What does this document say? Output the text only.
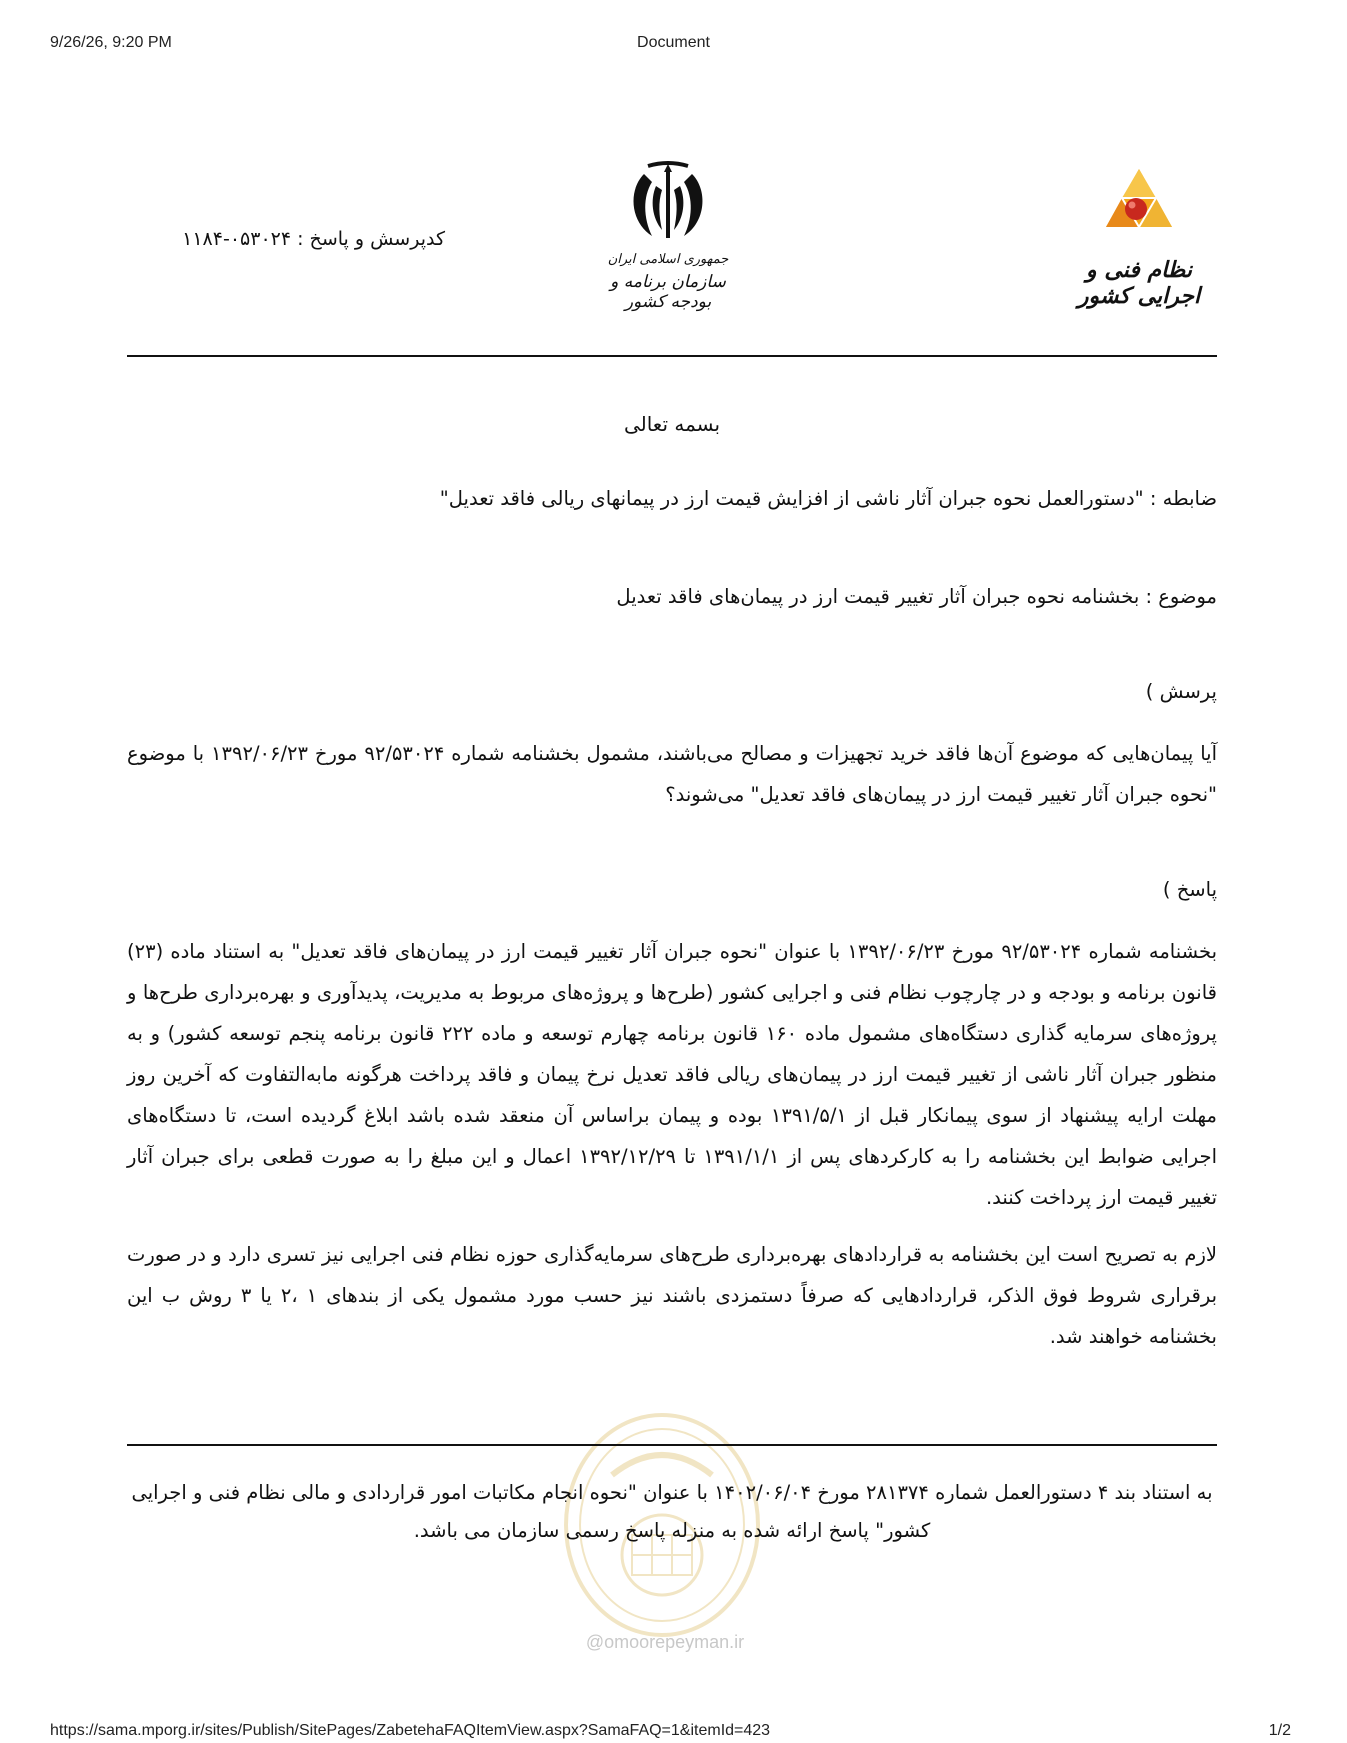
9/26/26, 9:20 PM	Document
نظام فنی و اجرایی کشور
جمهوری اسلامی ایران
سازمان برنامه و بودجه کشور
کدپرسش و پاسخ : ۰۵۳۰۲۴-۱۱۸۴
بسمه تعالی
ضابطه : "دستورالعمل نحوه جبران آثار ناشی از افزایش قیمت ارز در پیمانهای ریالی فاقد تعدیل"
موضوع : بخشنامه نحوه جبران آثار تغییر قیمت ارز در پیمان‌های فاقد تعدیل
پرسش )
آیا پیمان‌هایی که موضوع آن‌ها فاقد خرید تجهیزات و مصالح می‌باشند، مشمول بخشنامه شماره ۹۲/۵۳۰۲۴ مورخ ۱۳۹۲/۰۶/۲۳ با موضوع "نحوه جبران آثار تغییر قیمت ارز در پیمان‌های فاقد تعدیل" می‌شوند؟
پاسخ )
بخشنامه شماره ۹۲/۵۳۰۲۴ مورخ ۱۳۹۲/۰۶/۲۳ با عنوان "نحوه جبران آثار تغییر قیمت ارز در پیمان‌های فاقد تعدیل" به استناد ماده (۲۳) قانون برنامه و بودجه و در چارچوب نظام فنی و اجرایی کشور (طرح‌ها و پروژه‌های مربوط به مدیریت، پدیدآوری و بهره‌برداری طرح‌ها و پروژه‌های سرمایه گذاری دستگاه‌های مشمول ماده ۱۶۰ قانون برنامه چهارم توسعه و ماده ۲۲۲ قانون برنامه پنجم توسعه کشور) و به منظور جبران آثار ناشی از تغییر قیمت ارز در پیمان‌های ریالی فاقد تعدیل نرخ پیمان و فاقد پرداخت هرگونه مابه‌التفاوت که آخرین روز مهلت ارایه پیشنهاد از سوی پیمانکار قبل از ۱۳۹۱/۵/۱ بوده و پیمان براساس آن منعقد شده باشد ابلاغ گردیده است، تا دستگاه‌های اجرایی ضوابط این بخشنامه را به کارکردهای پس از ۱۳۹۱/۱/۱ تا ۱۳۹۲/۱۲/۲۹ اعمال و این مبلغ را به صورت قطعی برای جبران آثار تغییر قیمت ارز پرداخت کنند.
لازم به تصریح است این بخشنامه به قراردادهای بهره‌برداری طرح‌های سرمایه‌گذاری حوزه نظام فنی اجرایی نیز تسری دارد و در صورت برقراری شروط فوق الذکر، قراردادهایی که صرفاً دستمزدی باشند نیز حسب مورد مشمول یکی از بندهای ۱ ،۲ یا ۳ روش ب این بخشنامه خواهند شد.
به استناد بند ۴ دستورالعمل شماره ۲۸۱۳۷۴ مورخ ۱۴۰۲/۰۶/۰۴ با عنوان "نحوه انجام مکاتبات امور قراردادی و مالی نظام فنی و اجرایی کشور" پاسخ ارائه شده به منزله پاسخ رسمی سازمان می باشد.
@omoorepeyman.ir
https://sama.mporg.ir/sites/Publish/SitePages/ZabetehaFAQItemView.aspx?SamaFAQ=1&itemId=423	1/2
